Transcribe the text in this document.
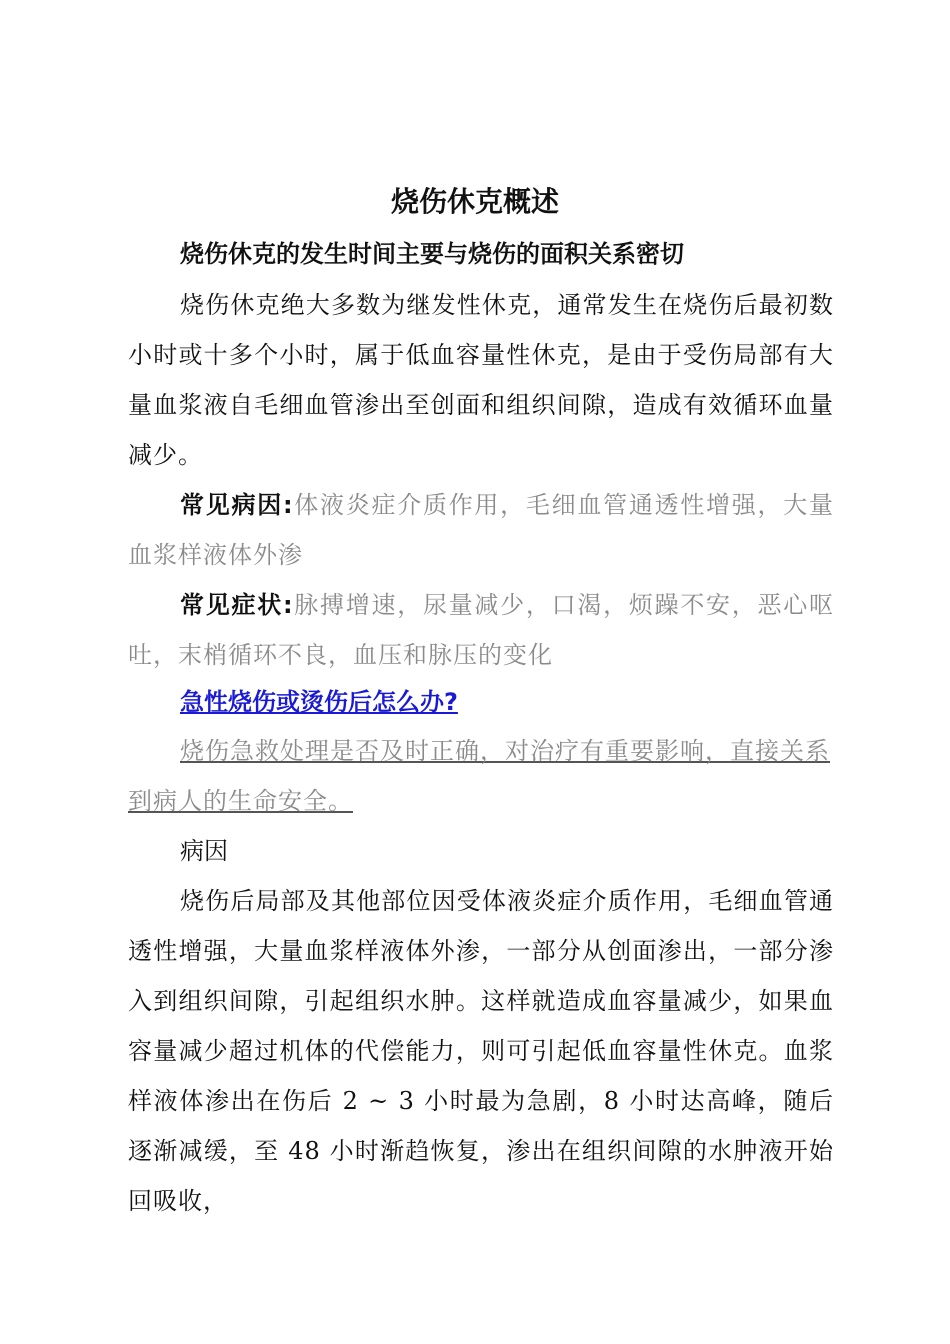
烧伤休克概述
烧伤休克的发生时间主要与烧伤的面积关系密切
烧伤休克绝大多数为继发性休克，通常发生在烧伤后最初数小时或十多个小时，属于低血容量性休克，是由于受伤局部有大量血浆液自毛细血管渗出至创面和组织间隙，造成有效循环血量减少。
常见病因:体液炎症介质作用，毛细血管通透性增强，大量血浆样液体外渗
常见症状:脉搏增速，尿量减少，口渴，烦躁不安，恶心呕吐，末梢循环不良，血压和脉压的变化
急性烧伤或烫伤后怎么办?
烧伤急救处理是否及时正确，对治疗有重要影响，直接关系到病人的生命安全。
病因
烧伤后局部及其他部位因受体液炎症介质作用，毛细血管通透性增强，大量血浆样液体外渗，一部分从创面渗出，一部分渗入到组织间隙，引起组织水肿。这样就造成血容量减少，如果血容量减少超过机体的代偿能力，则可引起低血容量性休克。血浆样液体渗出在伤后 2 ~ 3 小时最为急剧，8 小时达高峰，随后逐渐减缓，至 48 小时渐趋恢复，渗出在组织间隙的水肿液开始回吸收，
